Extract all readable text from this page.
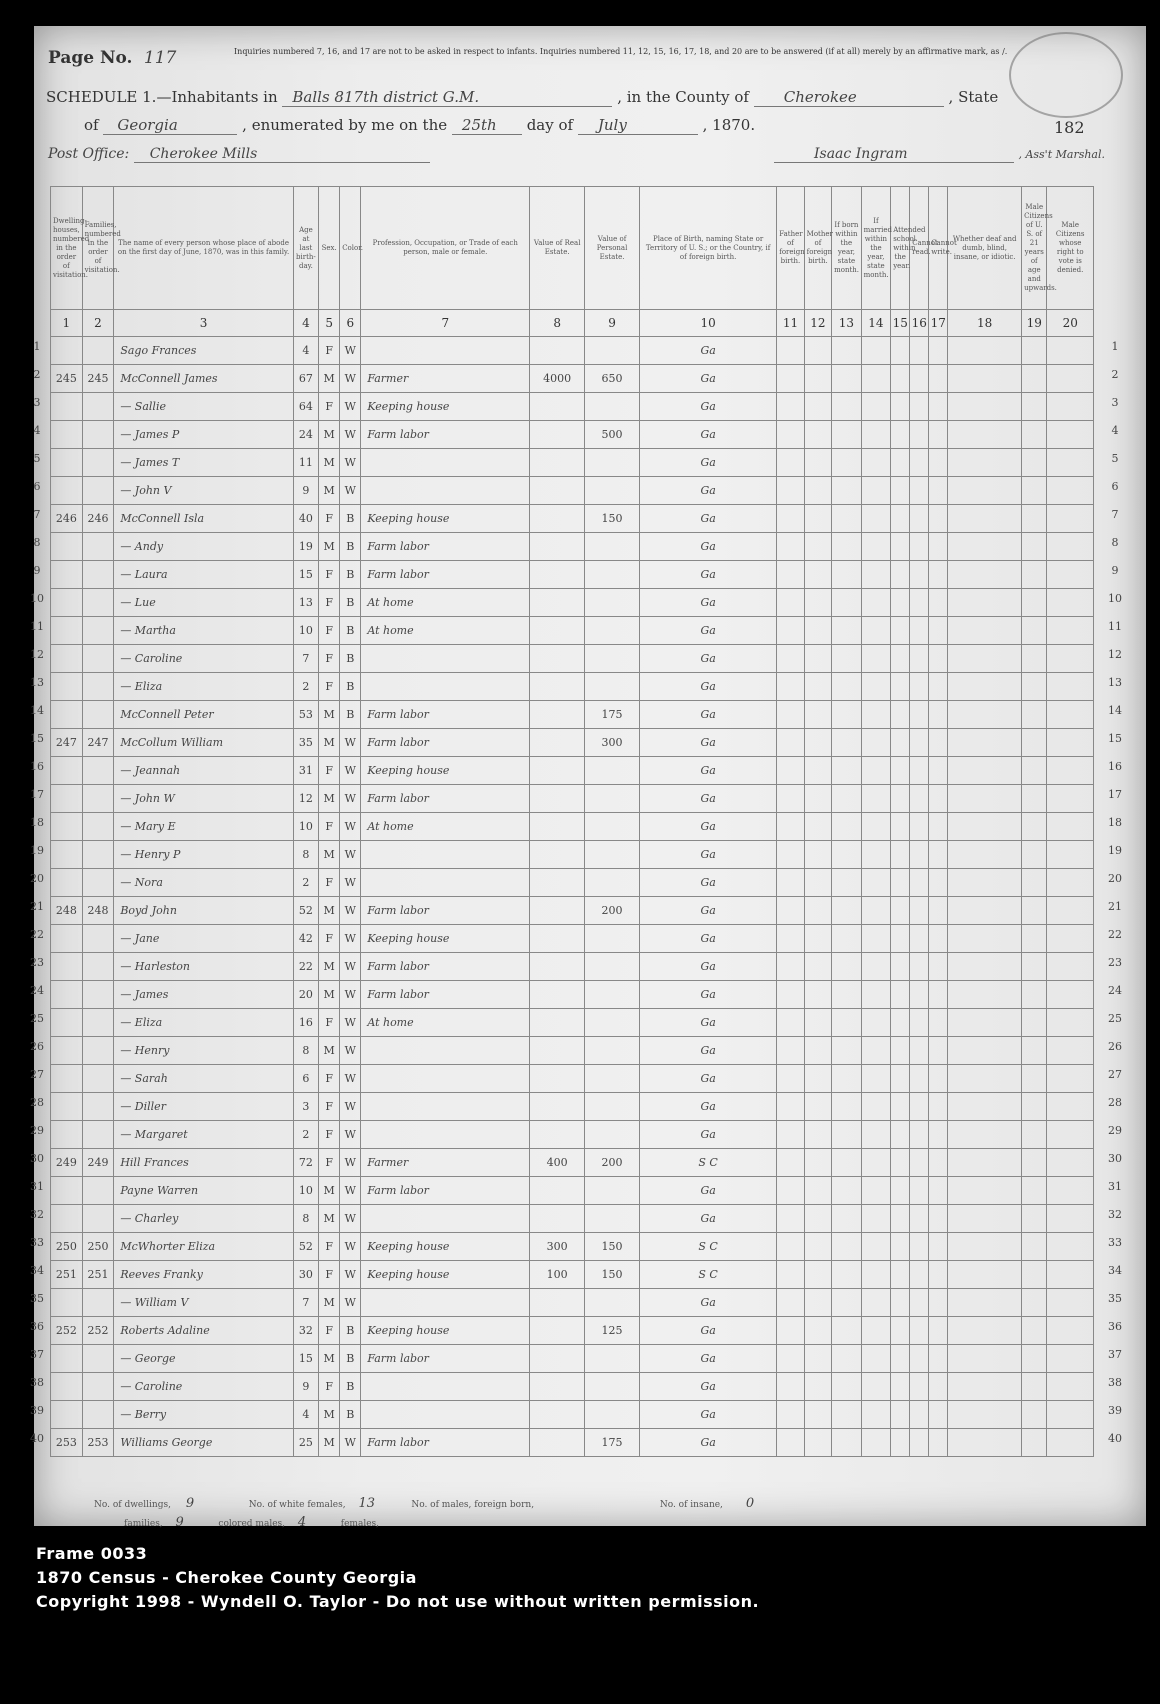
Page No. 117	Inquiries numbered 7, 16, and 17 are not to be asked in respect to infants. Inquiries numbered 11, 12, 15, 16, 17, 18, and 20 are to be answered (if at all) merely by an affirmative mark, as /.
SCHEDULE 1.—Inhabitants in Balls 817th district G.M.	, in the County of Cherokee	, State
of Georgia	, enumerated by me on the 25th day of July	, 1870.	182
Post Office: Cherokee Mills	Isaac Ingram	, Ass't Marshal.
Dwelling-houses, numbered in the order of visitation.	Families, numbered in the order of visitation.	The name of every person whose place of abode on the first day of June, 1870, was in this family.	Age at last birth-day.	Sex.	Color.	Profession, Occupation, or Trade of each person, male or female.	Value of Real Estate.	Value of Personal Estate.	Place of Birth, naming State or Territory of U. S.; or the Country, if of foreign birth.	Father of foreign birth.	Mother of foreign birth.	If born within the year, state month.	If married within the year, state month.	Attended school within the year.	Cannot read.	Cannot write.	Whether deaf and dumb, blind, insane, or idiotic.	Male Citizens of U. S. of 21 years of age and upwards.	Male Citizens whose right to vote is denied.
1	2	3	4	5	6	7	8	9	10	11	12	13	14	15	16	17	18	19	20
		Sago Frances	4	F	W				Ga										
245	245	McConnell James	67	M	W	Farmer	4000	650	Ga										
		— Sallie	64	F	W	Keeping house			Ga										
		— James P	24	M	W	Farm labor		500	Ga										
		— James T	11	M	W				Ga										
		— John V	9	M	W				Ga										
246	246	McConnell Isla	40	F	B	Keeping house		150	Ga										
		— Andy	19	M	B	Farm labor			Ga										
		— Laura	15	F	B	Farm labor			Ga										
		— Lue	13	F	B	At home			Ga										
		— Martha	10	F	B	At home			Ga										
		— Caroline	7	F	B				Ga										
		— Eliza	2	F	B				Ga										
		McConnell Peter	53	M	B	Farm labor		175	Ga										
247	247	McCollum William	35	M	W	Farm labor		300	Ga										
		— Jeannah	31	F	W	Keeping house			Ga										
		— John W	12	M	W	Farm labor			Ga										
		— Mary E	10	F	W	At home			Ga										
		— Henry P	8	M	W				Ga										
		— Nora	2	F	W				Ga										
248	248	Boyd John	52	M	W	Farm labor		200	Ga										
		— Jane	42	F	W	Keeping house			Ga										
		— Harleston	22	M	W	Farm labor			Ga										
		— James	20	M	W	Farm labor			Ga										
		— Eliza	16	F	W	At home			Ga										
		— Henry	8	M	W				Ga										
		— Sarah	6	F	W				Ga										
		— Diller	3	F	W				Ga										
		— Margaret	2	F	W				Ga										
249	249	Hill Frances	72	F	W	Farmer	400	200	S C										
		Payne Warren	10	M	W	Farm labor			Ga										
		— Charley	8	M	W				Ga										
250	250	McWhorter Eliza	52	F	W	Keeping house	300	150	S C										
251	251	Reeves Franky	30	F	W	Keeping house	100	150	S C										
		— William V	7	M	W				Ga										
252	252	Roberts Adaline	32	F	B	Keeping house		125	Ga										
		— George	15	M	B	Farm labor			Ga										
		— Caroline	9	F	B				Ga										
		— Berry	4	M	B				Ga										
253	253	Williams George	25	M	W	Farm labor		175	Ga										
No. of dwellings, 9	No. of white females, 13	No. of males, foreign born,	No. of insane, 0
families, 9	colored males, 4	females,
1	1
2	2
3	3
4	4
5	5
6	6
7	7
8	8
9	9
10	10
11	11
12	12
13	13
14	14
15	15
16	16
17	17
18	18
19	19
20	20
21	21
22	22
23	23
24	24
25	25
26	26
27	27
28	28
29	29
30	30
31	31
32	32
33	33
34	34
35	35
36	36
37	37
38	38
39	39
40	40
Frame 0033
1870 Census - Cherokee County Georgia
Copyright 1998 - Wyndell O. Taylor - Do not use without written permission.
